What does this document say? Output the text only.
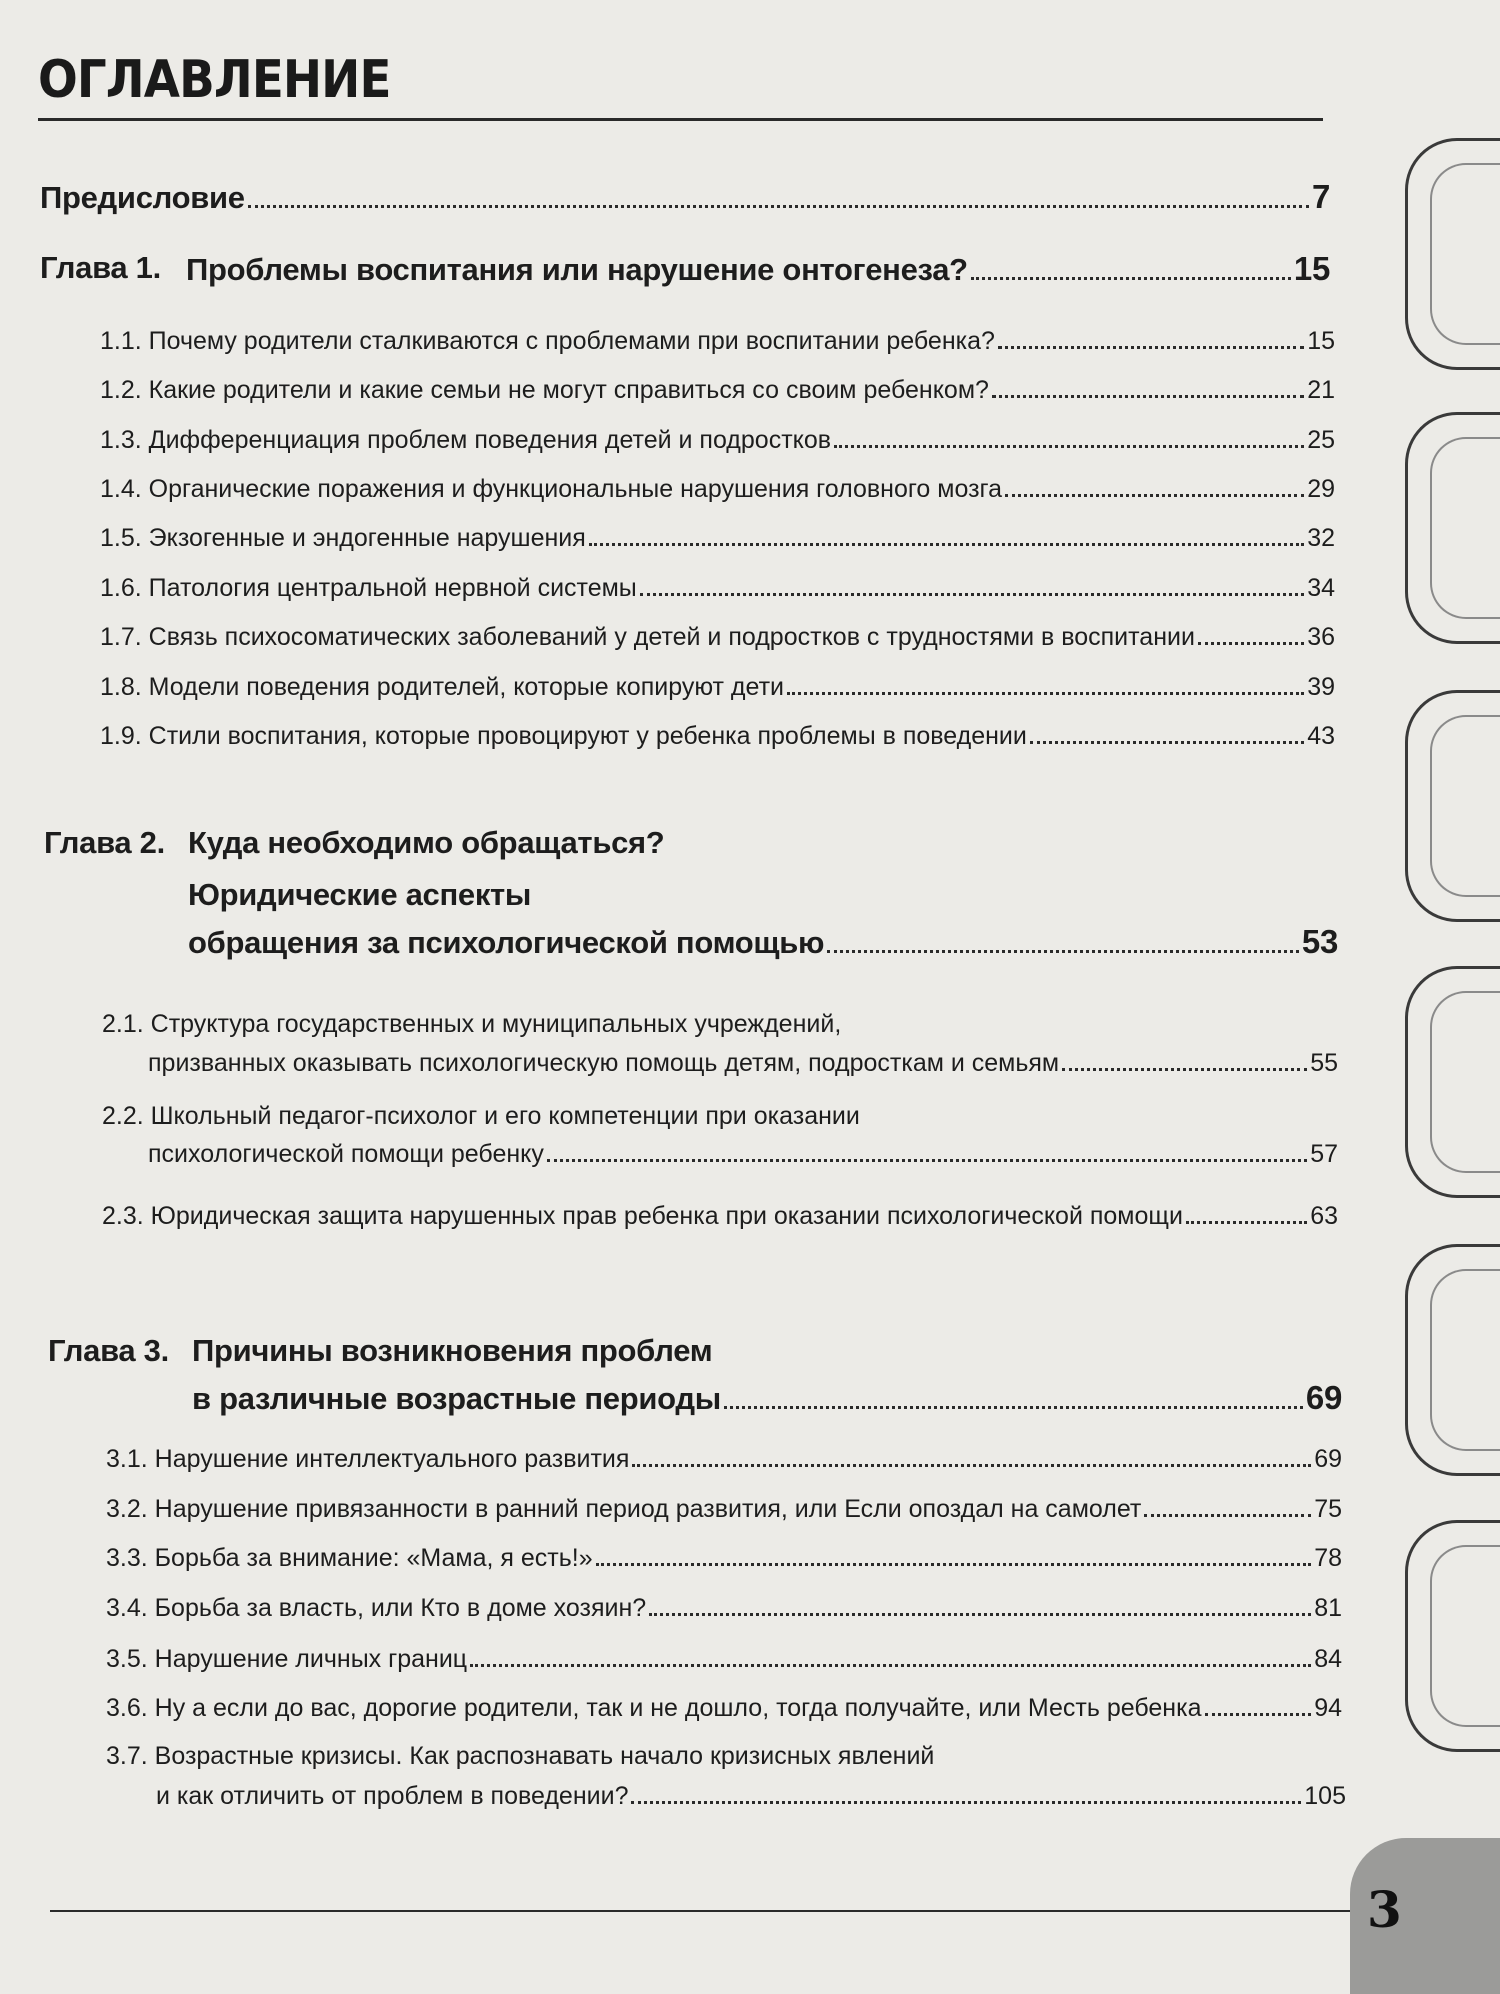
ОГЛАВЛЕНИЕ
Предисловие	7
Глава 1. Проблемы воспитания или нарушение онтогенеза?	15
1.1. Почему родители сталкиваются с проблемами при воспитании ребенка?	15
1.2. Какие родители и какие семьи не могут справиться со своим ребенком?	21
1.3. Дифференциация проблем поведения детей и подростков	25
1.4. Органические поражения и функциональные нарушения головного мозга	29
1.5. Экзогенные и эндогенные нарушения	32
1.6. Патология центральной нервной системы	34
1.7. Связь психосоматических заболеваний у детей и подростков с трудностями в воспитании	36
1.8. Модели поведения родителей, которые копируют дети	39
1.9. Стили воспитания, которые провоцируют у ребенка проблемы в поведении	43
Глава 2. Куда необходимо обращаться?
Юридические аспекты
обращения за психологической помощью	53
2.1. Структура государственных и муниципальных учреждений,
призванных оказывать психологическую помощь детям, подросткам и семьям	55
2.2. Школьный педагог-психолог и его компетенции при оказании
психологической помощи ребенку	57
2.3. Юридическая защита нарушенных прав ребенка при оказании психологической помощи	63
Глава 3. Причины возникновения проблем
в различные возрастные периоды	69
3.1. Нарушение интеллектуального развития	69
3.2. Нарушение привязанности в ранний период развития, или Если опоздал на самолет	75
3.3. Борьба за внимание: «Мама, я есть!»	78
3.4. Борьба за власть, или Кто в доме хозяин?	81
3.5. Нарушение личных границ	84
3.6. Ну а если до вас, дорогие родители, так и не дошло, тогда получайте, или Месть ребенка	94
3.7. Возрастные кризисы. Как распознавать начало кризисных явлений
и как отличить от проблем в поведении?	105
3
